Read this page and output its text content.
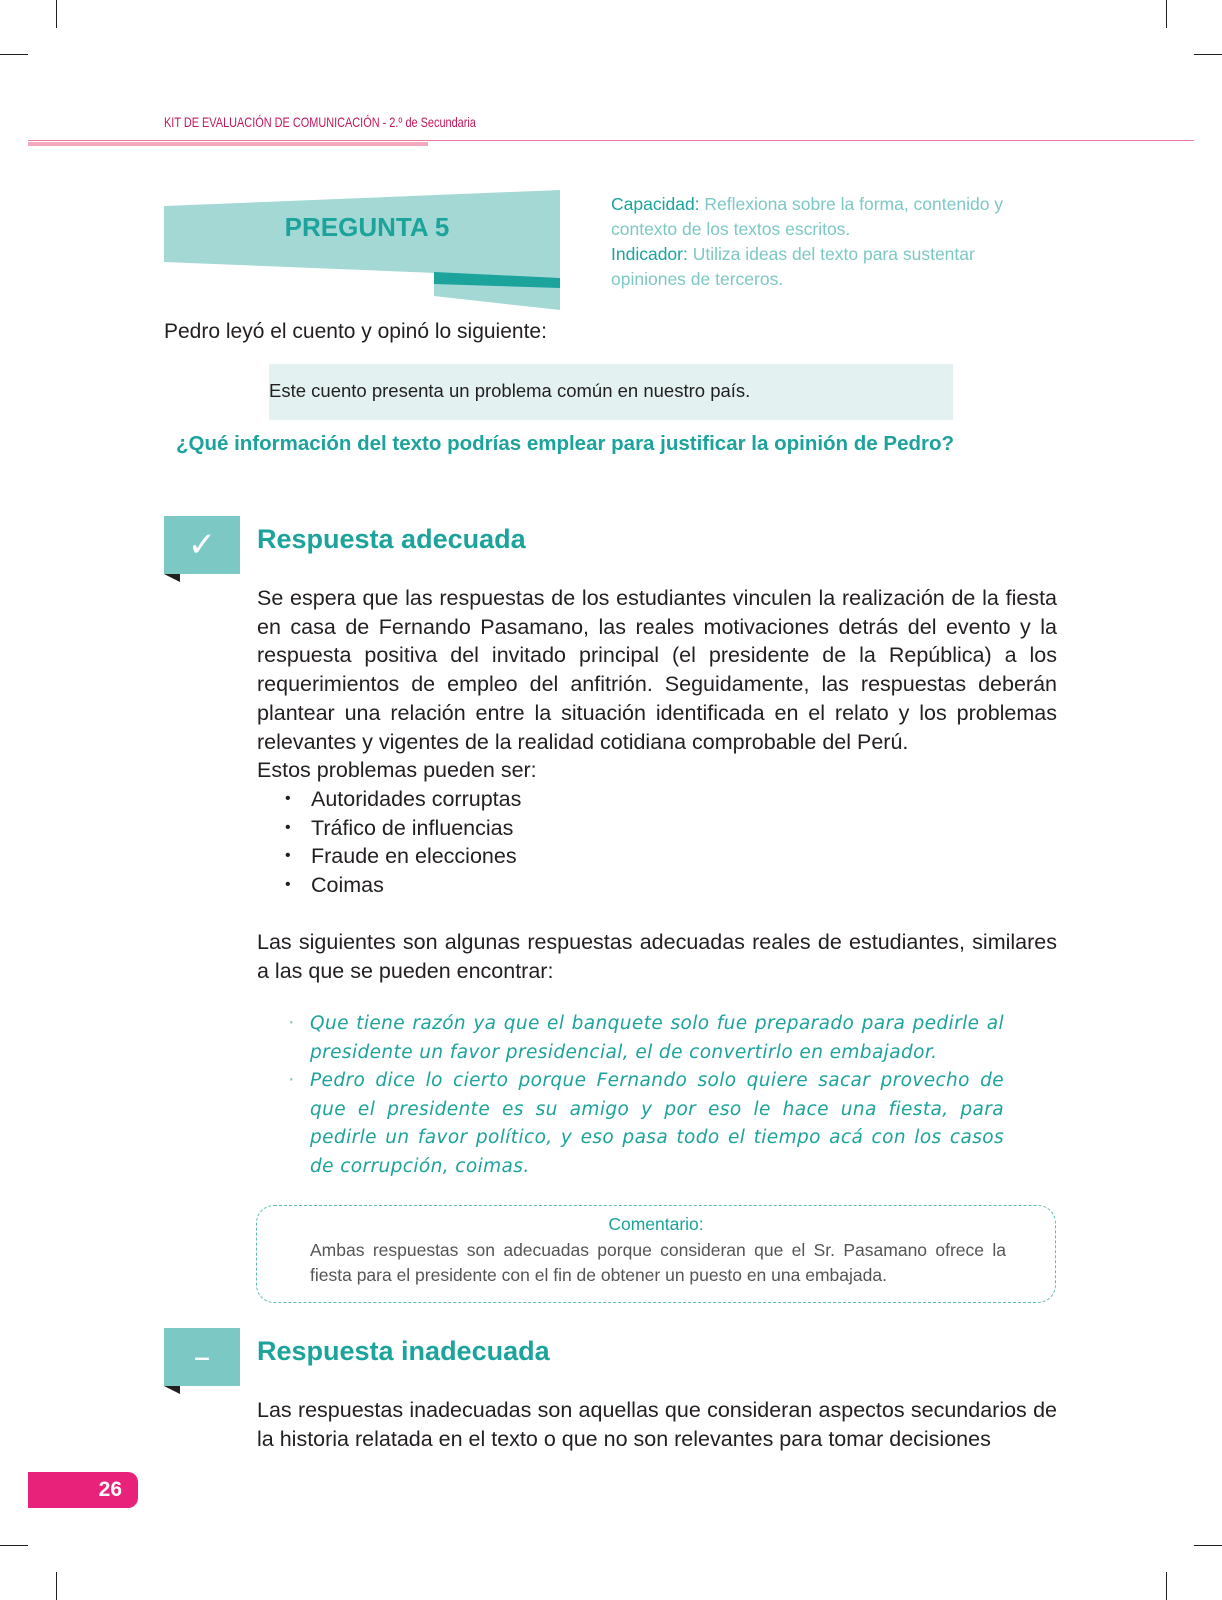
KIT DE EVALUACIÓN DE COMUNICACIÓN - 2.º de Secundaria
PREGUNTA 5
Capacidad: Reflexiona sobre la forma, contenido y contexto de los textos escritos.
Indicador: Utiliza ideas del texto para sustentar opiniones de terceros.
Pedro leyó el cuento y opinó lo siguiente:
Este cuento presenta un problema común en nuestro país.
¿Qué información del texto podrías emplear para justificar la opinión de Pedro?
✓	Respuesta adecuada

Se espera que las respuestas de los estudiantes vinculen la realización de la fiesta en casa de Fernando Pasamano, las reales motivaciones detrás del evento y la respuesta positiva del invitado principal (el presidente de la República) a los requerimientos de empleo del anfitrión. Seguidamente, las respuestas deberán plantear una relación entre la situación identificada en el relato y los problemas relevantes y vigentes de la realidad cotidiana comprobable del Perú.

Estos problemas pueden ser:

• Autoridades corruptas
• Tráfico de influencias
• Fraude en elecciones
• Coimas
Las siguientes son algunas respuestas adecuadas reales de estudiantes, similares a las que se pueden encontrar:
· Que tiene razón ya que el banquete solo fue preparado para pedirle al presidente un favor presidencial, el de convertirlo en embajador.
· Pedro dice lo cierto porque Fernando solo quiere sacar provecho de que el presidente es su amigo y por eso le hace una fiesta, para pedirle un favor político, y eso pasa todo el tiempo acá con los casos de corrupción, coimas.
Comentario:
Ambas respuestas son adecuadas porque consideran que el Sr. Pasamano ofrece la fiesta para el presidente con el fin de obtener un puesto en una embajada.
–	Respuesta inadecuada
Las respuestas inadecuadas son aquellas que consideran aspectos secundarios de la historia relatada en el texto o que no son relevantes para tomar decisiones
26
